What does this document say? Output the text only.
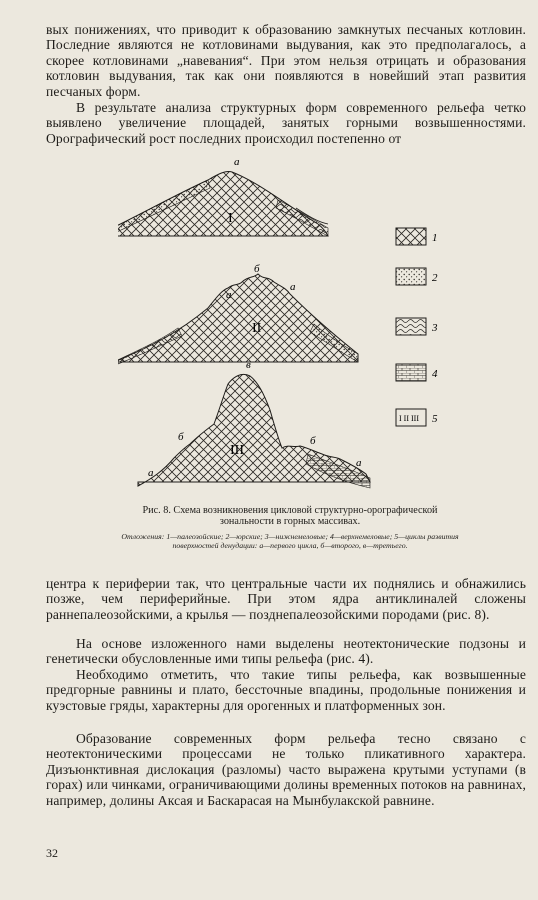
вых понижениях, что приводит к образованию замкнутых песчаных котловин. Последние являются не котловинами выдувания, как это предполагалось, а скорее котловинами „навевания“. При этом нельзя отрицать и образования котловин выдувания, так как они появляются в новейший этап развития песчаных форм.

В результате анализа структурных форм современного рельефа четко выявлено увеличение площадей, занятых горными возвышенностями. Орографический рост последних происходил постепенно от

а
I
а
б
а
II
в
б
а
б
а
III
1
2
3
4
I II III 5

Рис. 8. Схема возникновения цикловой структурно-орографической зональности в горных массивах.

Отложения: 1—палеозойские; 2—юрские; 3—нижнемеловые; 4—верхнемеловые; 5—циклы развития поверхностей денудации: а—первого цикла, б—второго, в—третьего.

центра к периферии так, что центральные части их поднялись и обнажились позже, чем периферийные. При этом ядра антиклиналей сложены раннепалеозойскими, а крылья — позднепалеозойскими породами (рис. 8).

На основе изложенного нами выделены неотектонические подзоны и генетически обусловленные ими типы рельефа (рис. 4).

Необходимо отметить, что такие типы рельефа, как возвышенные предгорные равнины и плато, бессточные впадины, продольные понижения и куэстовые гряды, характерны для орогенных и платформенных зон.

Образование современных форм рельефа тесно связано с неотектоническими процессами не только пликативного характера. Дизъюнктивная дислокация (разломы) часто выражена крутыми уступами (в горах) или чинками, ограничивающими долины временных потоков на равнинах, например, долины Аксая и Баскарасая на Мынбулакской равнине.

32
